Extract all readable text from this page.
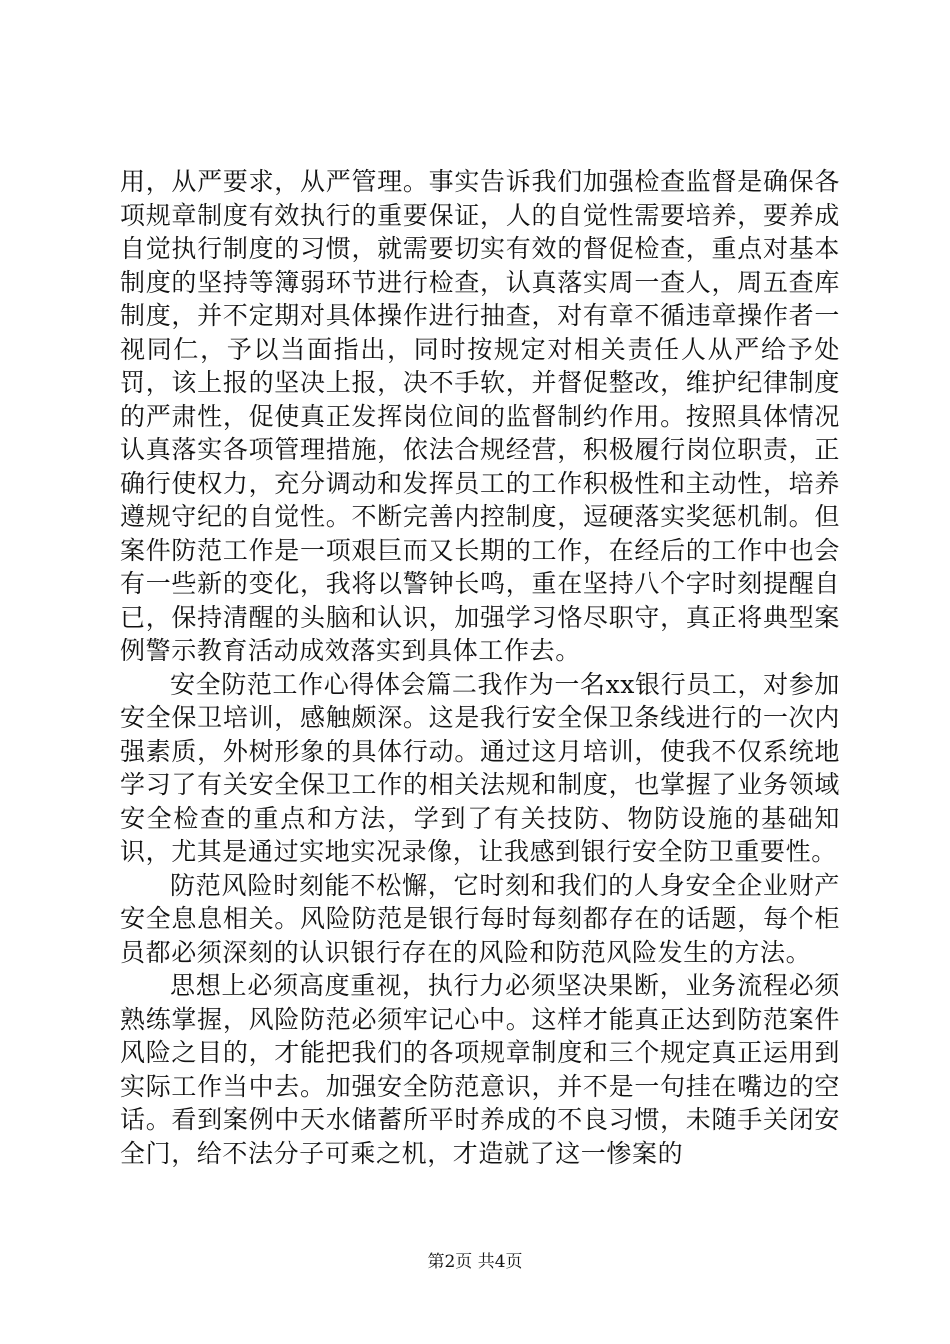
用，从严要求，从严管理。事实告诉我们加强检查监督是确保各项规章制度有效执行的重要保证，人的自觉性需要培养，要养成自觉执行制度的习惯，就需要切实有效的督促检查，重点对基本制度的坚持等簿弱环节进行检查，认真落实周一查人，周五查库制度，并不定期对具体操作进行抽查，对有章不循违章操作者一视同仁，予以当面指出，同时按规定对相关责任人从严给予处罚，该上报的坚决上报，决不手软，并督促整改，维护纪律制度的严肃性，促使真正发挥岗位间的监督制约作用。按照具体情况认真落实各项管理措施，依法合规经营，积极履行岗位职责，正确行使权力，充分调动和发挥员工的工作积极性和主动性，培养遵规守纪的自觉性。不断完善内控制度，逗硬落实奖惩机制。但案件防范工作是一项艰巨而又长期的工作，在经后的工作中也会有一些新的变化，我将以警钟长鸣，重在坚持八个字时刻提醒自已，保持清醒的头脑和认识，加强学习恪尽职守，真正将典型案例警示教育活动成效落实到具体工作去。

安全防范工作心得体会篇二我作为一名xx银行员工，对参加安全保卫培训，感触颇深。这是我行安全保卫条线进行的一次内强素质，外树形象的具体行动。通过这月培训，使我不仅系统地学习了有关安全保卫工作的相关法规和制度，也掌握了业务领域安全检查的重点和方法，学到了有关技防、物防设施的基础知识，尤其是通过实地实况录像，让我感到银行安全防卫重要性。

防范风险时刻能不松懈，它时刻和我们的人身安全企业财产安全息息相关。风险防范是银行每时每刻都存在的话题，每个柜员都必须深刻的认识银行存在的风险和防范风险发生的方法。

思想上必须高度重视，执行力必须坚决果断，业务流程必须熟练掌握，风险防范必须牢记心中。这样才能真正达到防范案件风险之目的，才能把我们的各项规章制度和三个规定真正运用到实际工作当中去。加强安全防范意识，并不是一句挂在嘴边的空话。看到案例中天水储蓄所平时养成的不良习惯，未随手关闭安全门，给不法分子可乘之机，才造就了这一惨案的

第2页 共4页
